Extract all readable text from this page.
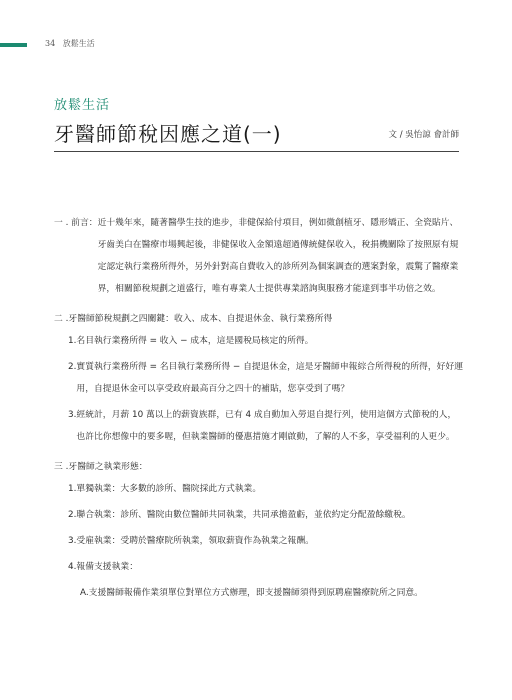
34 放鬆生活
放鬆生活
牙醫師節稅因應之道(一)	文 / 吳怡諒 會計師
一 . 前言： 近十幾年來，隨著醫學生技的進步，非健保給付項目，例如微創植牙、隱形矯正、全瓷貼片、牙齒美白在醫療市場興起後，非健保收入金額遠超過傳統健保收入，稅捐機關除了按照原有規定認定執行業務所得外，另外針對高自費收入的診所列為個案調查的選案對象，震驚了醫療業界，相關節稅規劃之道盛行，唯有專業人士提供專業諮詢與服務才能達到事半功倍之效。
二 . 牙醫師節稅規劃之四關鍵：收入、成本、自提退休金、執行業務所得
1. 名目執行業務所得 = 收入 − 成本，這是國稅局核定的所得。
2. 實質執行業務所得 = 名目執行業務所得 − 自提退休金，這是牙醫師申報綜合所得稅的所得，好好運用，自提退休金可以享受政府最高百分之四十的補貼，您享受到了嗎？
3. 經統計，月薪 10 萬以上的薪資族群，已有 4 成自動加入勞退自提行列，使用這個方式節稅的人，也許比你想像中的要多喔，但執業醫師的優惠措施才剛啟動，了解的人不多，享受福利的人更少。
三 . 牙醫師之執業形態：
1. 單獨執業：大多數的診所、醫院採此方式執業。
2. 聯合執業：診所、醫院由數位醫師共同執業，共同承擔盈虧，並依約定分配盈餘繳稅。
3. 受雇執業：受聘於醫療院所執業，領取薪資作為執業之報酬。
4. 報備支援執業：
A. 支援醫師報備作業須單位對單位方式辦理，即支援醫師須得到原聘雇醫療院所之同意。
